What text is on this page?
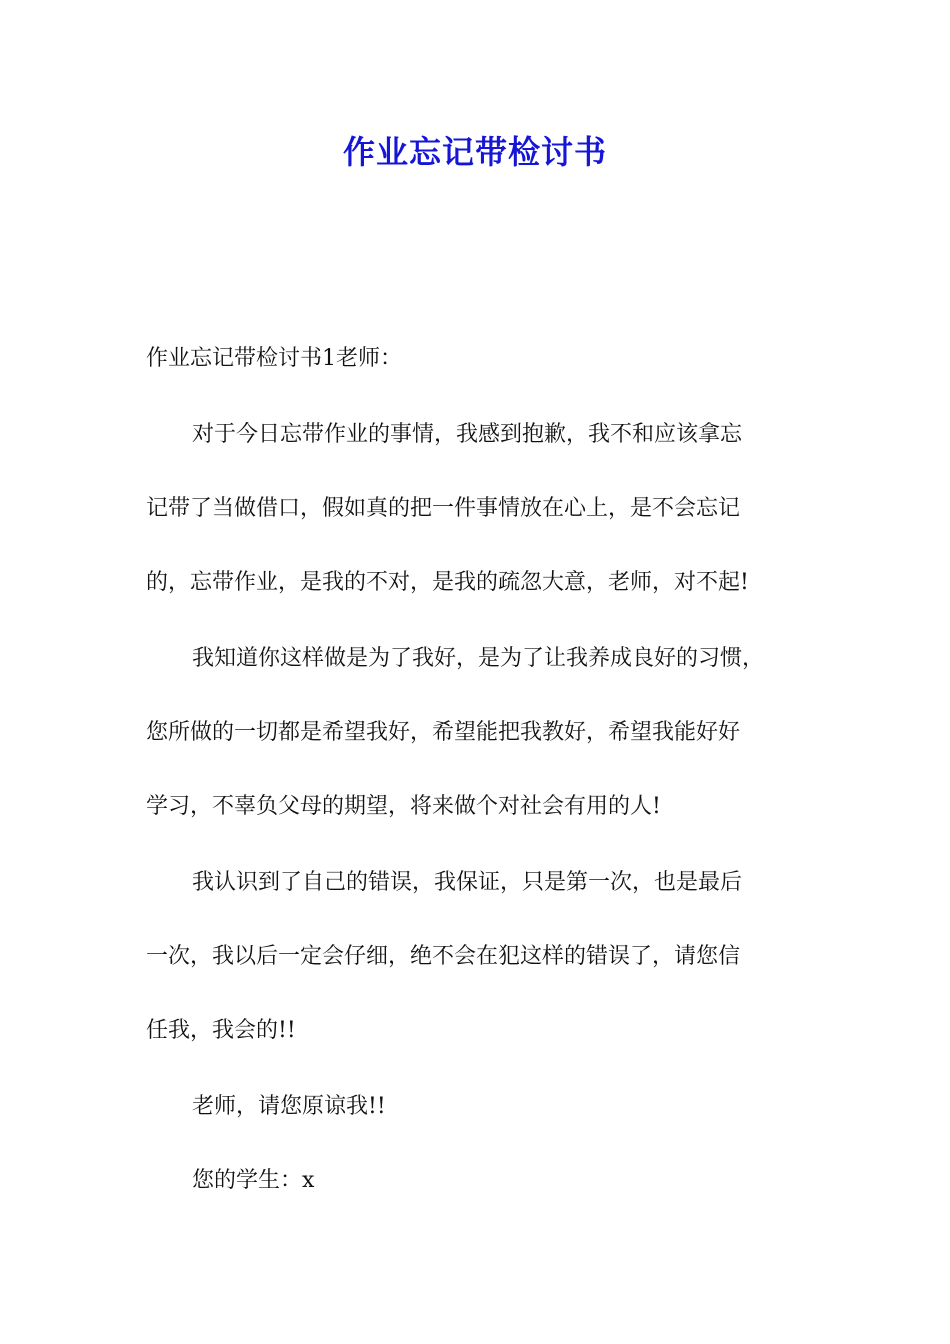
作业忘记带检讨书

作业忘记带检讨书1老师：

对于今日忘带作业的事情，我感到抱歉，我不和应该拿忘

记带了当做借口，假如真的把一件事情放在心上，是不会忘记

的，忘带作业，是我的不对，是我的疏忽大意，老师，对不起!

我知道你这样做是为了我好，是为了让我养成良好的习惯，

您所做的一切都是希望我好，希望能把我教好，希望我能好好

学习，不辜负父母的期望，将来做个对社会有用的人!

我认识到了自己的错误，我保证，只是第一次，也是最后

一次，我以后一定会仔细，绝不会在犯这样的错误了，请您信

任我，我会的!!

老师，请您原谅我!!

您的学生：x
